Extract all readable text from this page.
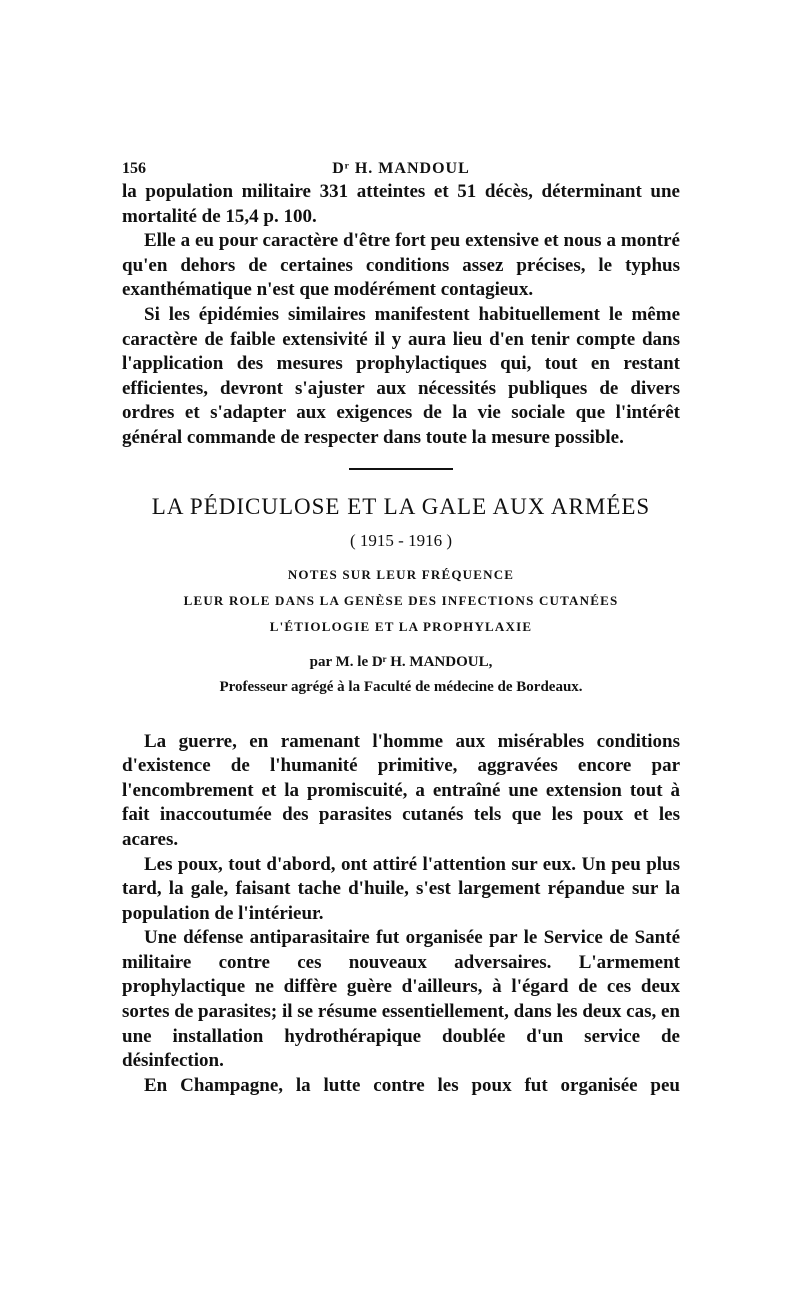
156	Dʳ H. MANDOUL

la population militaire 331 atteintes et 51 décès, déterminant une mortalité de 15,4 p. 100.

Elle a eu pour caractère d'être fort peu extensive et nous a montré qu'en dehors de certaines conditions assez précises, le typhus exanthématique n'est que modérément contagieux.

Si les épidémies similaires manifestent habituellement le même caractère de faible extensivité il y aura lieu d'en tenir compte dans l'application des mesures prophylactiques qui, tout en restant efficientes, devront s'ajuster aux nécessités publiques de divers ordres et s'adapter aux exigences de la vie sociale que l'intérêt général commande de respecter dans toute la mesure possible.

LA PÉDICULOSE ET LA GALE AUX ARMÉES
( 1915 - 1916 )

NOTES SUR LEUR FRÉQUENCE

LEUR ROLE DANS LA GENÈSE DES INFECTIONS CUTANÉES

L'ÉTIOLOGIE ET LA PROPHYLAXIE

par M. le Dʳ H. MANDOUL,
Professeur agrégé à la Faculté de médecine de Bordeaux.

La guerre, en ramenant l'homme aux misérables conditions d'existence de l'humanité primitive, aggravées encore par l'encombrement et la promiscuité, a entraîné une extension tout à fait inaccoutumée des parasites cutanés tels que les poux et les acares.

Les poux, tout d'abord, ont attiré l'attention sur eux. Un peu plus tard, la gale, faisant tache d'huile, s'est largement répandue sur la population de l'intérieur.

Une défense antiparasitaire fut organisée par le Service de Santé militaire contre ces nouveaux adversaires. L'armement prophylactique ne diffère guère d'ailleurs, à l'égard de ces deux sortes de parasites; il se résume essentiellement, dans les deux cas, en une installation hydrothérapique doublée d'un service de désinfection.

En Champagne, la lutte contre les poux fut organisée peu
